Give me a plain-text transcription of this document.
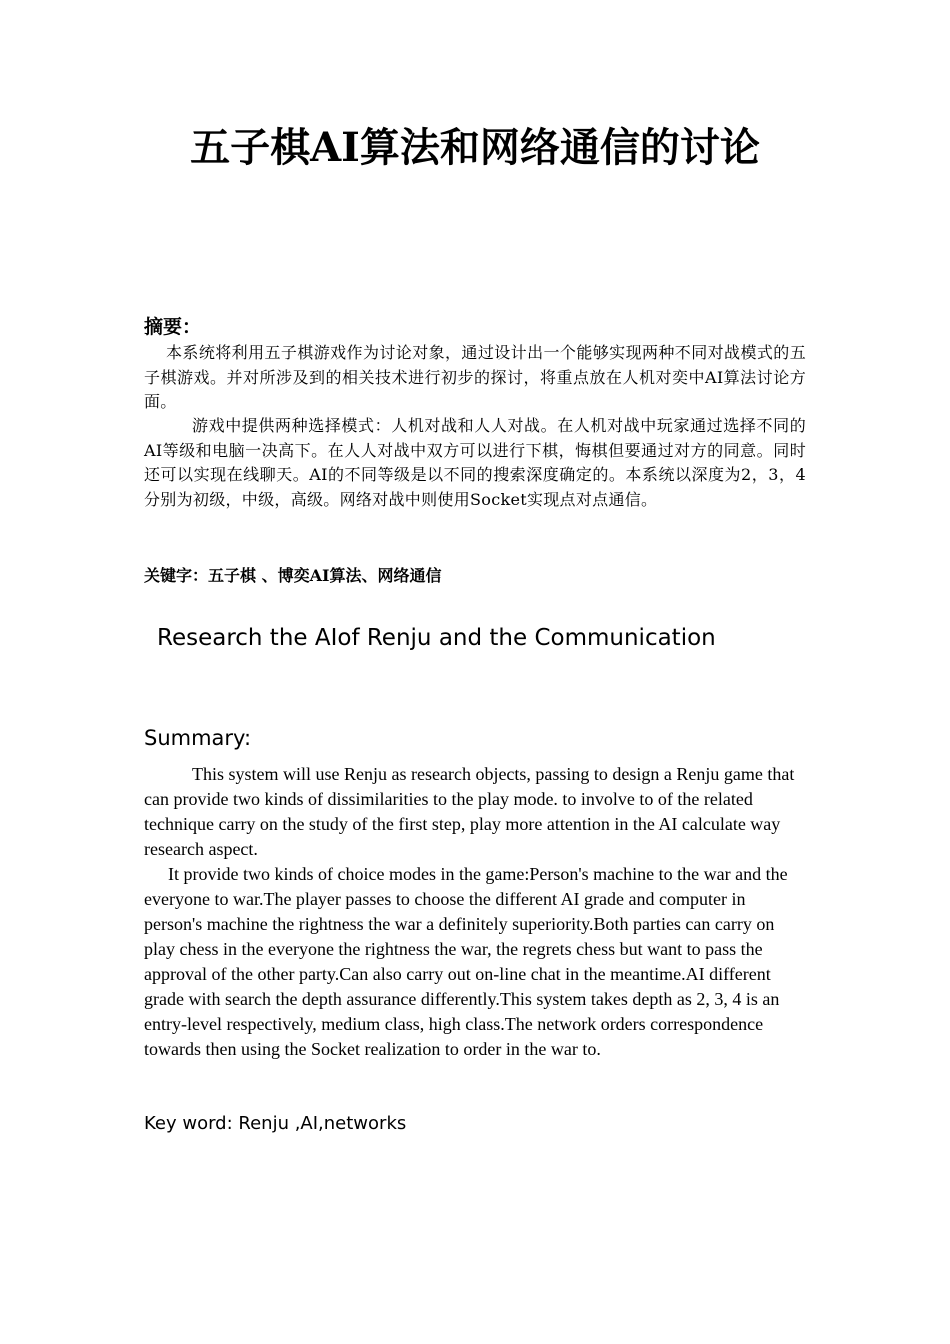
五子棋AI算法和网络通信的讨论
摘要：

本系统将利用五子棋游戏作为讨论对象，通过设计出一个能够实现两种不同对战模式的五子棋游戏。并对所涉及到的相关技术进行初步的探讨，将重点放在人机对奕中AI算法讨论方面。

游戏中提供两种选择模式：人机对战和人人对战。在人机对战中玩家通过选择不同的AI等级和电脑一决高下。在人人对战中双方可以进行下棋，悔棋但要通过对方的同意。同时还可以实现在线聊天。AI的不同等级是以不同的搜索深度确定的。本系统以深度为2，3，4分别为初级，中级，高级。网络对战中则使用Socket实现点对点通信。

关键字：五子棋 、博奕AI算法、网络通信
Research the AIof Renju and the Communication
Summary:

This system will use Renju as research objects, passing to design a Renju game that can provide two kinds of dissimilarities to the play mode. to involve to of the related technique carry on the study of the first step, play more attention in the AI calculate way research aspect.

It provide two kinds of choice modes in the game:Person's machine to the war and the everyone to war.The player passes to choose the different AI grade and computer in person's machine the rightness the war a definitely superiority.Both parties can carry on play chess in the everyone the rightness the war, the regrets chess but want to pass the approval of the other party.Can also carry out on-line chat in the meantime.AI different grade with search the depth assurance differently.This system takes depth as 2, 3, 4 is an entry-level respectively, medium class, high class.The network orders correspondence towards then using the Socket realization to order in the war to.

Key word: Renju ,AI,networks
